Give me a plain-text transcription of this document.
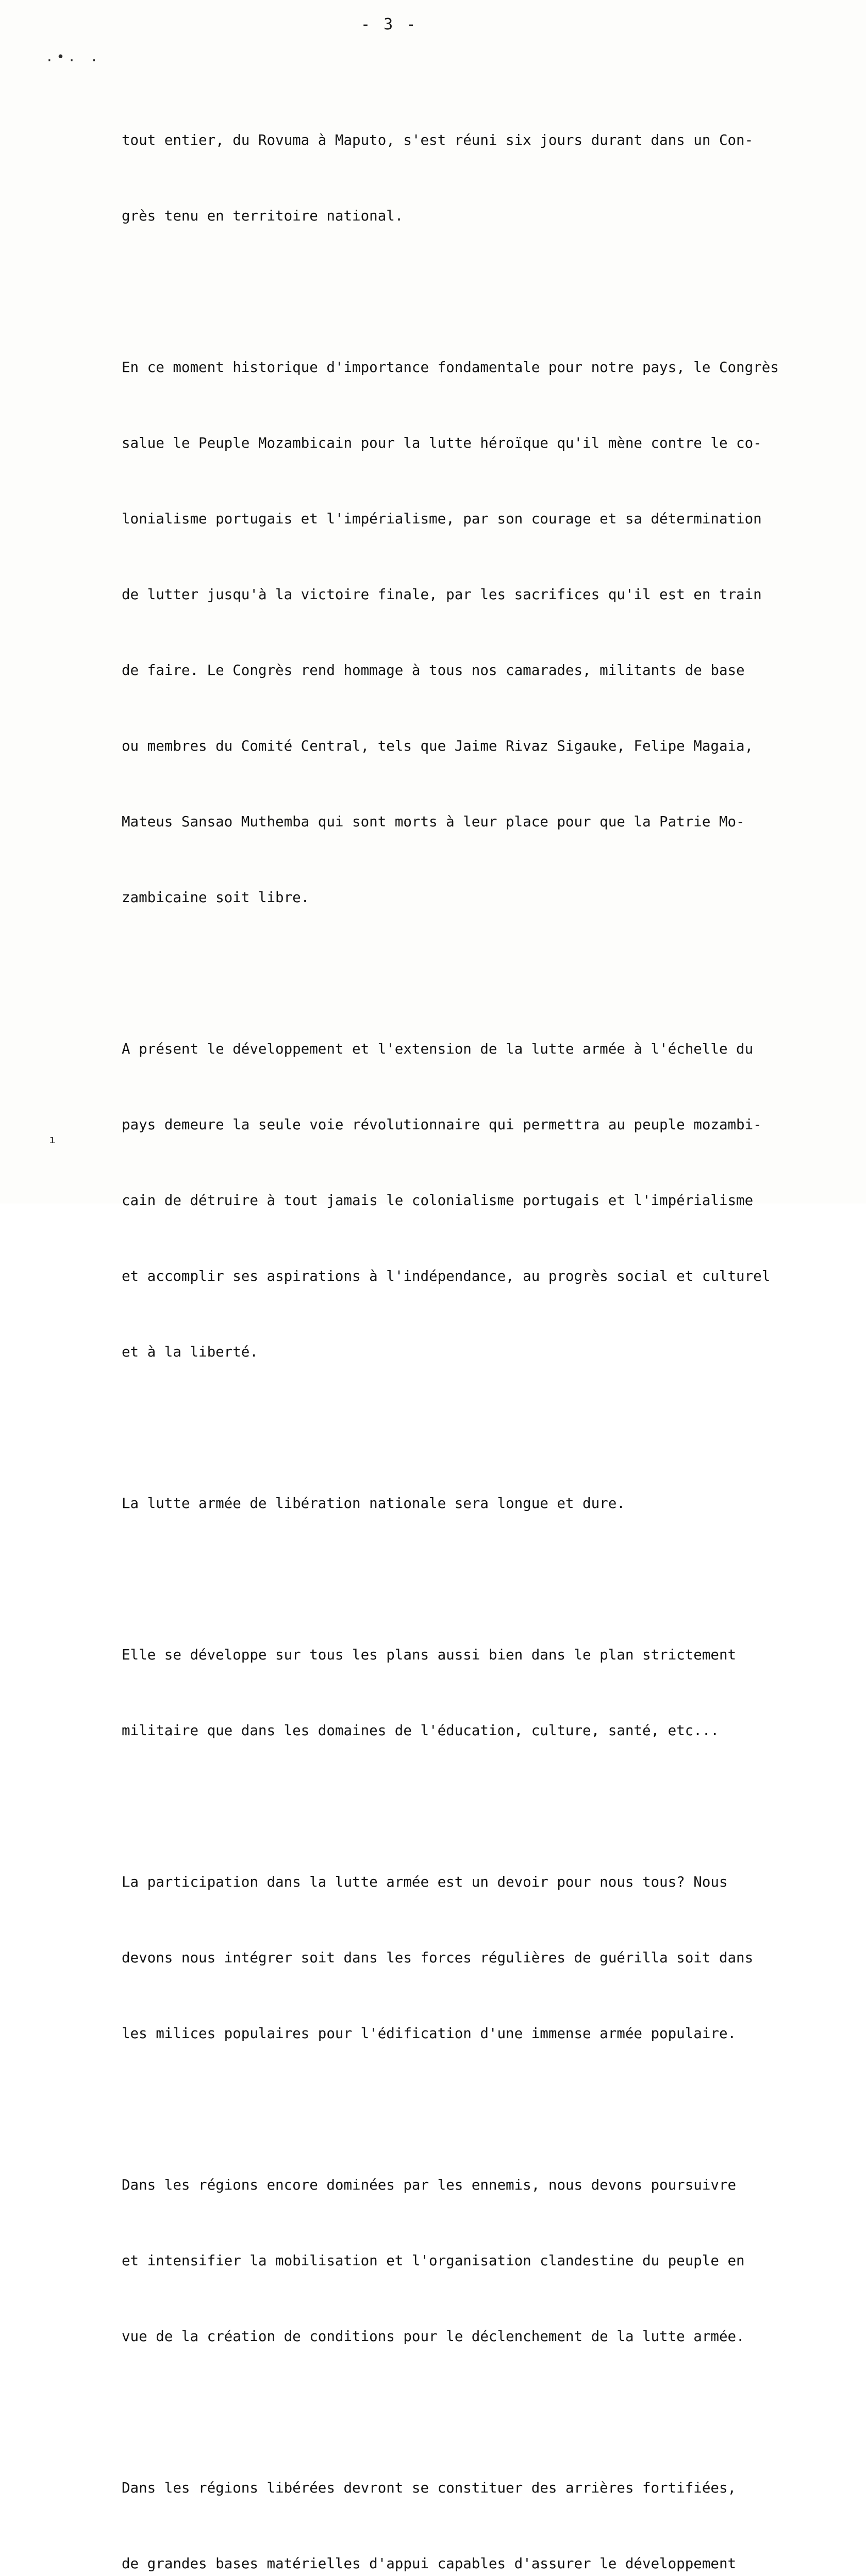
- 3 -
.•. .
ı

tout entier, du Rovuma à Maputo, s'est réuni six jours durant dans un Con-

grès tenu en territoire national.

En ce moment historique d'importance fondamentale pour notre pays, le Congrès

salue le Peuple Mozambicain pour la lutte héroïque qu'il mène contre le co-

lonialisme portugais et l'impérialisme, par son courage et sa détermination

de lutter jusqu'à la victoire finale, par les sacrifices qu'il est en train

de faire. Le Congrès rend hommage à tous nos camarades, militants de base

ou membres du Comité Central, tels que Jaime Rivaz Sigauke, Felipe Magaia,

Mateus Sansao Muthemba qui sont morts à leur place pour que la Patrie Mo-

zambicaine soit libre.

A présent le développement et l'extension de la lutte armée à l'échelle du

pays demeure la seule voie révolutionnaire qui permettra au peuple mozambi-

cain de détruire à tout jamais le colonialisme portugais et l'impérialisme

et accomplir ses aspirations à l'indépendance, au progrès social et culturel

et à la liberté.

La lutte armée de libération nationale sera longue et dure.

Elle se développe sur tous les plans aussi bien dans le plan strictement

militaire que dans les domaines de l'éducation, culture, santé, etc...

La participation dans la lutte armée est un devoir pour nous tous? Nous

devons nous intégrer soit dans les forces régulières de guérilla soit dans

les milices populaires pour l'édification d'une immense armée populaire.

Dans les régions encore dominées par les ennemis, nous devons poursuivre

et intensifier la mobilisation et l'organisation clandestine du peuple en

vue de la création de conditions pour le déclenchement de la lutte armée.

Dans les régions libérées devront se constituer des arrières fortifiées,

de grandes bases matérielles d'appui capables d'assurer le développement
